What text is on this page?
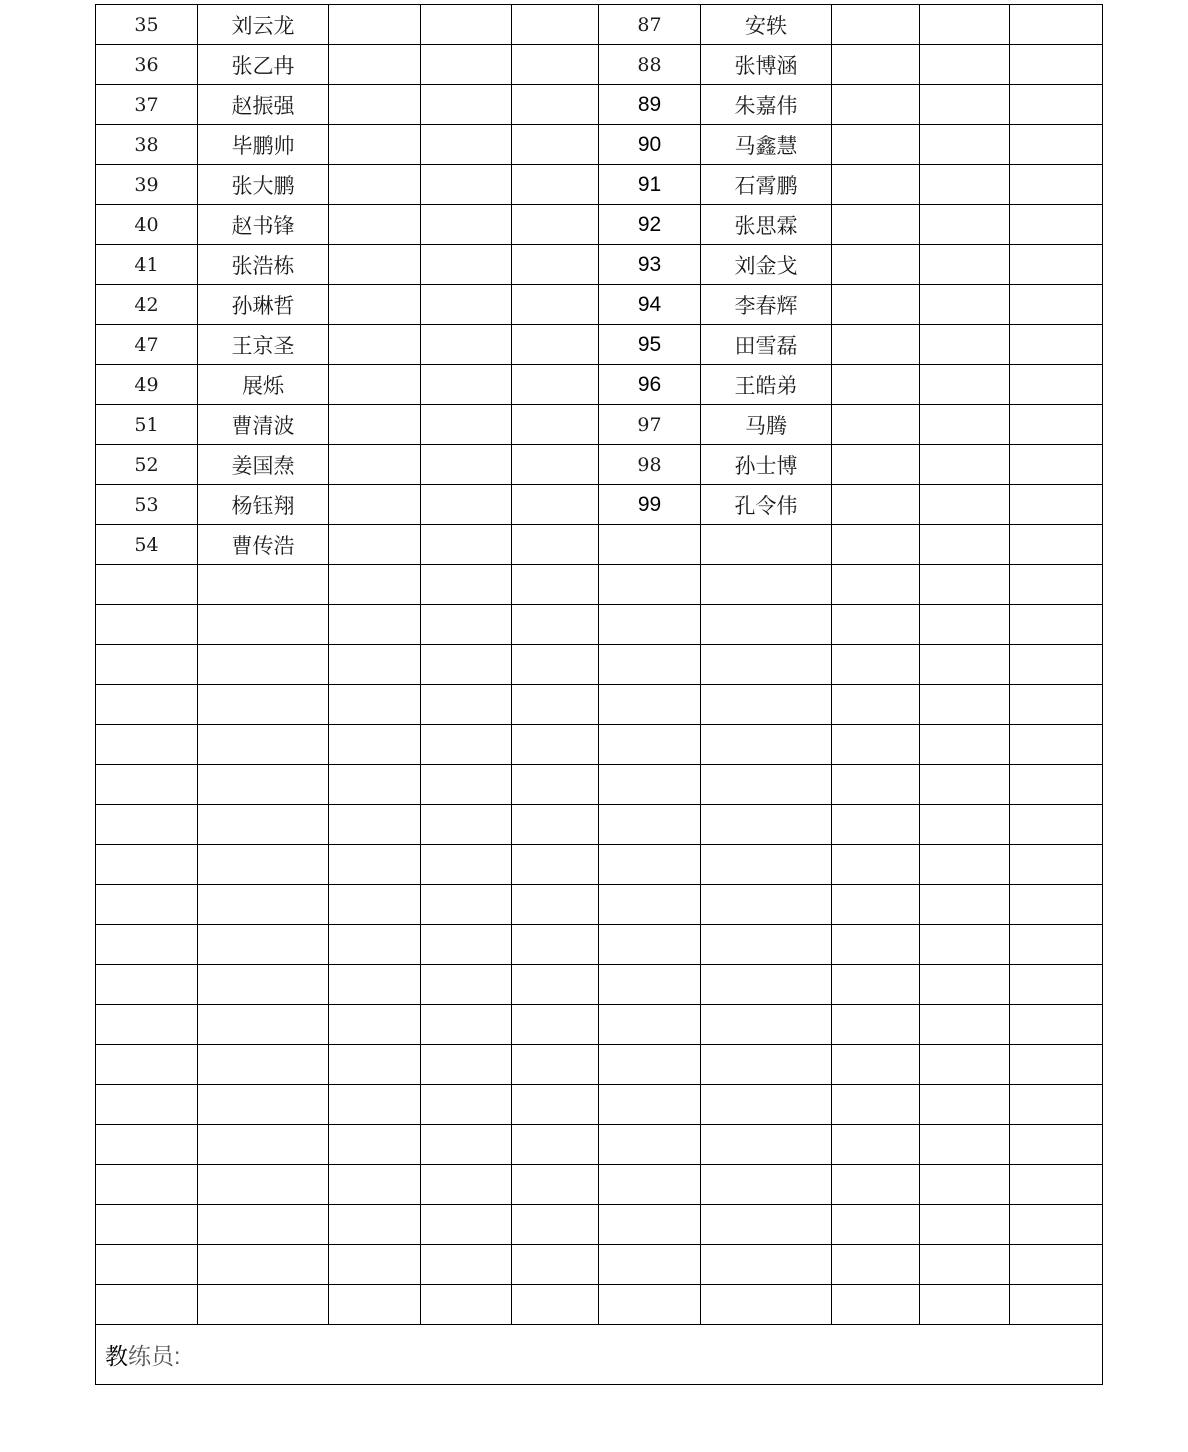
35	刘云龙				87	安轶			
36	张乙冉				88	张博涵			
37	赵振强				89	朱嘉伟			
38	毕鹏帅				90	马鑫慧			
39	张大鹏				91	石霄鹏			
40	赵书锋				92	张思霖			
41	张浩栋				93	刘金戈			
42	孙琳哲				94	李春辉			
47	王京圣				95	田雪磊			
49	展烁				96	王皓弟			
51	曹清波				97	马腾			
52	姜国焘				98	孙士博			
53	杨钰翔				99	孔令伟			
54	曹传浩								

教练员:									
